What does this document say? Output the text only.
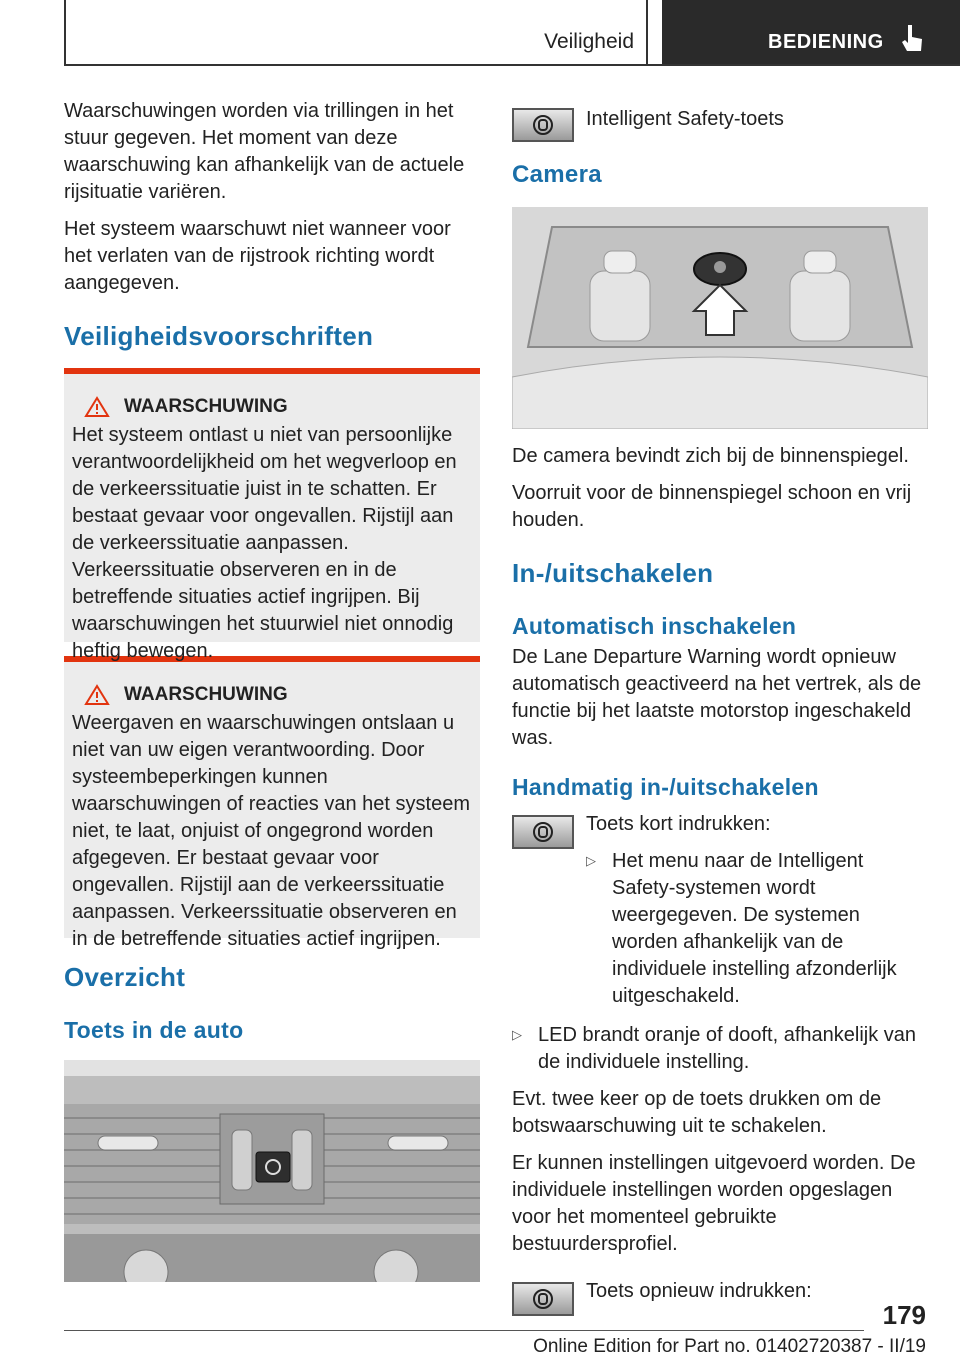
Veiligheid	BEDIENING

Waarschuwingen worden via trillingen in het stuur gegeven. Het moment van deze waarschuwing kan afhankelijk van de actuele rijsituatie variëren.

Het systeem waarschuwt niet wanneer voor het verlaten van de rijstrook richting wordt aangegeven.

Veiligheidsvoorschriften
WAARSCHUWING

Het systeem ontlast u niet van persoonlijke verantwoordelijkheid om het wegverloop en de verkeerssituatie juist in te schatten. Er bestaat gevaar voor ongevallen. Rijstijl aan de verkeerssituatie aanpassen. Verkeerssituatie observeren en in de betreffende situaties actief ingrijpen. Bij waarschuwingen het stuurwiel niet onnodig heftig bewegen.

WAARSCHUWING

Weergaven en waarschuwingen ontslaan u niet van uw eigen verantwoording. Door systeembeperkingen kunnen waarschuwingen of reacties van het systeem niet, te laat, onjuist of ongegrond worden afgegeven. Er bestaat gevaar voor ongevallen. Rijstijl aan de verkeerssituatie aanpassen. Verkeerssituatie observeren en in de betreffende situaties actief ingrijpen.

Overzicht
Toets in de auto

Intelligent Safety-toets

Camera

De camera bevindt zich bij de binnenspiegel.

Voorruit voor de binnenspiegel schoon en vrij houden.

In-/uitschakelen
Automatisch inschakelen

De Lane Departure Warning wordt opnieuw automatisch geactiveerd na het vertrek, als de functie bij het laatste motorstop ingeschakeld was.

Handmatig in-/uitschakelen

Toets kort indrukken:

▷ Het menu naar de Intelligent Safety-systemen wordt weergegeven. De systemen worden afhankelijk van de individuele instelling afzonderlijk uitgeschakeld.

▷ LED brandt oranje of dooft, afhankelijk van de individuele instelling.

Evt. twee keer op de toets drukken om de botswaarschuwing uit te schakelen.

Er kunnen instellingen uitgevoerd worden. De individuele instellingen worden opgeslagen voor het momenteel gebruikte bestuurdersprofiel.

Toets opnieuw indrukken:

179
Online Edition for Part no. 01402720387 - II/19
